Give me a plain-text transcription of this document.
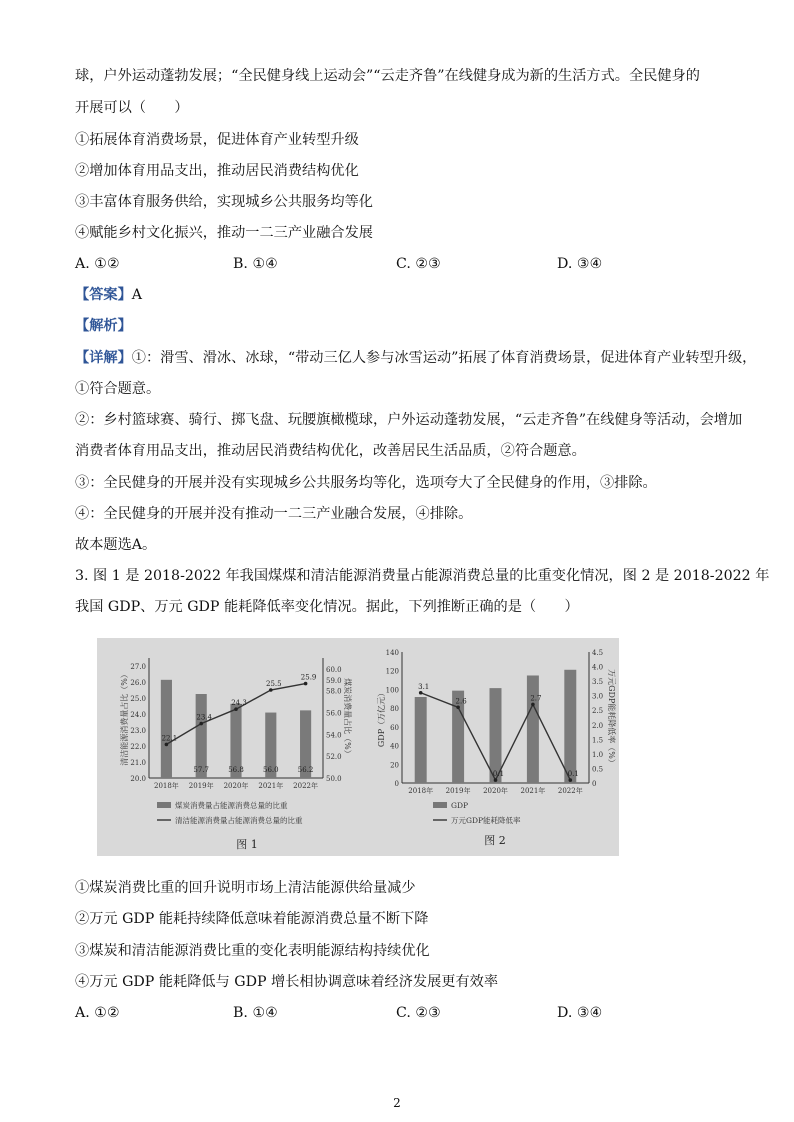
球，户外运动蓬勃发展；“全民健身线上运动会”“云走齐鲁”在线健身成为新的生活方式。全民健身的
开展可以（　　）
①拓展体育消费场景，促进体育产业转型升级
②增加体育用品支出，推动居民消费结构优化
③丰富体育服务供给，实现城乡公共服务均等化
④赋能乡村文化振兴，推动一二三产业融合发展
A. ①②	B. ①④	C. ②③	D. ③④
【答案】A
【解析】
【详解】①：滑雪、滑冰、冰球，“带动三亿人参与冰雪运动”拓展了体育消费场景，促进体育产业转型升级，
①符合题意。
②：乡村篮球赛、骑行、掷飞盘、玩腰旗橄榄球，户外运动蓬勃发展，“云走齐鲁”在线健身等活动，会增加
消费者体育用品支出，推动居民消费结构优化，改善居民生活品质，②符合题意。
③：全民健身的开展并没有实现城乡公共服务均等化，选项夸大了全民健身的作用，③排除。
④：全民健身的开展并没有推动一二三产业融合发展，④排除。
故本题选A。
3. 图 1 是 2018-2022 年我国煤煤和清洁能源消费量占能源消费总量的比重变化情况，图 2 是 2018-2022 年
我国 GDP、万元 GDP 能耗降低率变化情况。据此，下列推断正确的是（　　）
20.0
21.0
22.0
23.0
24.0
25.0
26.0
27.0
50.0
52.0
54.0
56.0
58.0
59.0
60.0
57.7	56.8	56.0	56.2
22.1
23.4
24.3
25.5
25.9
2018年 2019年 2020年 2021年 2022年
清洁能源消费量占比（%）	煤炭消费量占比（%）
煤炭消费量占能源消费总量的比重
清洁能源消费量占能源消费总量的比重
图 1
0
20
40
60
80
100
120
140
0
0.5
1.0
1.5
2.0
2.5
3.0
3.5
4.0
4.5
3.1
2.6
0.1
2.7
0.1
2018年 2019年 2020年 2021年 2022年
GDP（万亿元）	万元GDP能耗降低率（%）
GDP
万元GDP能耗降低率
图 2
①煤炭消费比重的回升说明市场上清洁能源供给量减少
②万元 GDP 能耗持续降低意味着能源消费总量不断下降
③煤炭和清洁能源消费比重的变化表明能源结构持续优化
④万元 GDP 能耗降低与 GDP 增长相协调意味着经济发展更有效率
A. ①②	B. ①④	C. ②③	D. ③④
2
